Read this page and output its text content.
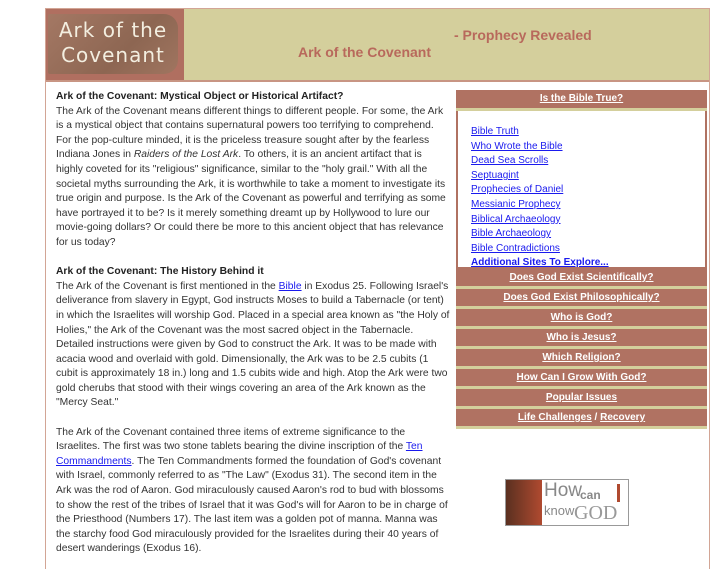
Ark of the Covenant
- Prophecy Revealed
Ark of the Covenant
Ark of the Covenant: Mystical Object or Historical Artifact?

The Ark of the Covenant means different things to different people. For some, the Ark is a mystical object that contains supernatural powers too terrifying to comprehend. For the pop-culture minded, it is the priceless treasure sought after by the fearless Indiana Jones in Raiders of the Lost Ark. To others, it is an ancient artifact that is highly coveted for its "religious" significance, similar to the "holy grail." With all the societal myths surrounding the Ark, it is worthwhile to take a moment to investigate its true origin and purpose. Is the Ark of the Covenant as powerful and terrifying as some have portrayed it to be? Is it merely something dreamt up by Hollywood to lure our movie-going dollars? Or could there be more to this ancient object that has relevance for us today?

Ark of the Covenant: The History Behind it

The Ark of the Covenant is first mentioned in the Bible in Exodus 25. Following Israel's deliverance from slavery in Egypt, God instructs Moses to build a Tabernacle (or tent) in which the Israelites will worship God. Placed in a special area known as "the Holy of Holies," the Ark of the Covenant was the most sacred object in the Tabernacle. Detailed instructions were given by God to construct the Ark. It was to be made with acacia wood and overlaid with gold. Dimensionally, the Ark was to be 2.5 cubits (1 cubit is approximately 18 in.) long and 1.5 cubits wide and high. Atop the Ark were two gold cherubs that stood with their wings covering an area of the Ark known as the "Mercy Seat."

The Ark of the Covenant contained three items of extreme significance to the Israelites. The first was two stone tablets bearing the divine inscription of the Ten Commandments. The Ten Commandments formed the foundation of God's covenant with Israel, commonly referred to as "The Law" (Exodus 31). The second item in the Ark was the rod of Aaron. God miraculously caused Aaron's rod to bud with blossoms to show the rest of the tribes of Israel that it was God's will for Aaron to be in charge of the Priesthood (Numbers 17). The last item was a golden pot of manna. Manna was the starchy food God miraculously provided for the Israelites during their 40 years of desert wanderings (Exodus 16).

Is the Bible True?
Bible Truth
Who Wrote the Bible
Dead Sea Scrolls
Septuagint
Prophecies of Daniel
Messianic Prophecy
Biblical Archaeology
Bible Archaeology
Bible Contradictions
Additional Sites To Explore...
Does God Exist Scientifically?
Does God Exist Philosophically?
Who is God?
Who is Jesus?
Which Religion?
How Can I Grow With God?
Popular Issues
Life Challenges / Recovery
How
can
know GOD
